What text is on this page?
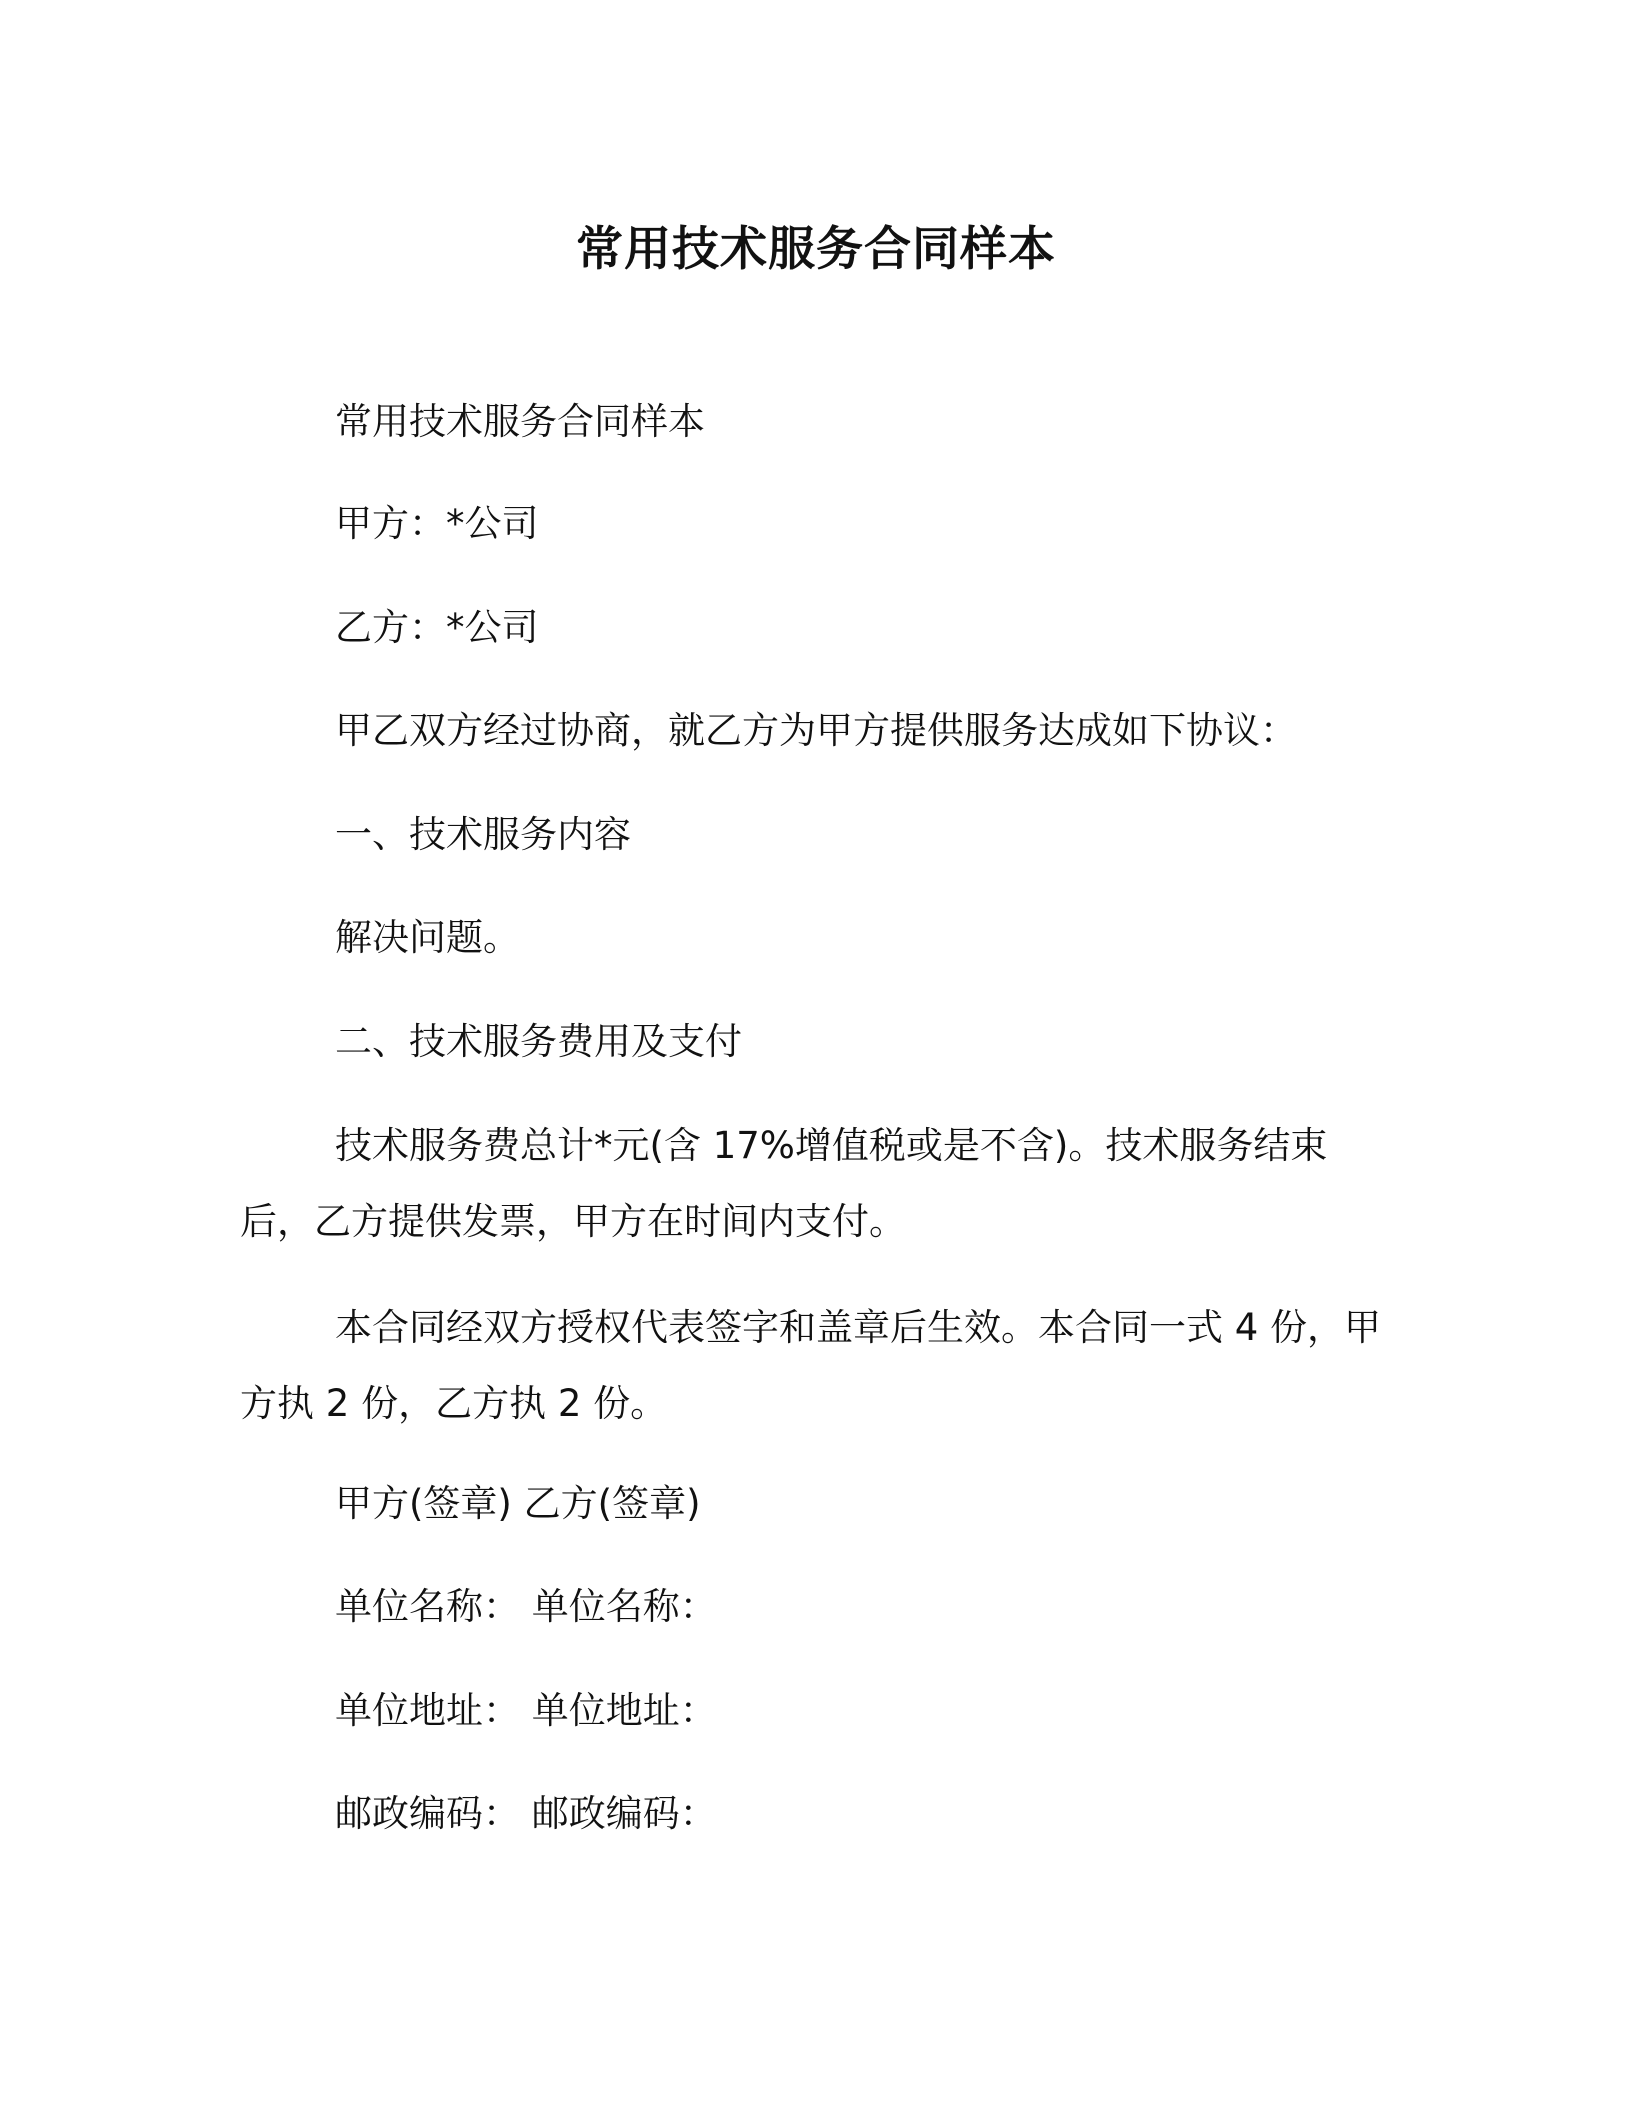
常用技术服务合同样本

常用技术服务合同样本

甲方：*公司

乙方：*公司

甲乙双方经过协商，就乙方为甲方提供服务达成如下协议：

一、技术服务内容

解决问题。

二、技术服务费用及支付

技术服务费总计*元(含 17%增值税或是不含)。技术服务结束后，乙方提供发票，甲方在时间内支付。

本合同经双方授权代表签字和盖章后生效。本合同一式 4 份，甲方执 2 份，乙方执 2 份。

甲方(签章) 乙方(签章)

单位名称： 单位名称：

单位地址： 单位地址：

邮政编码： 邮政编码：
